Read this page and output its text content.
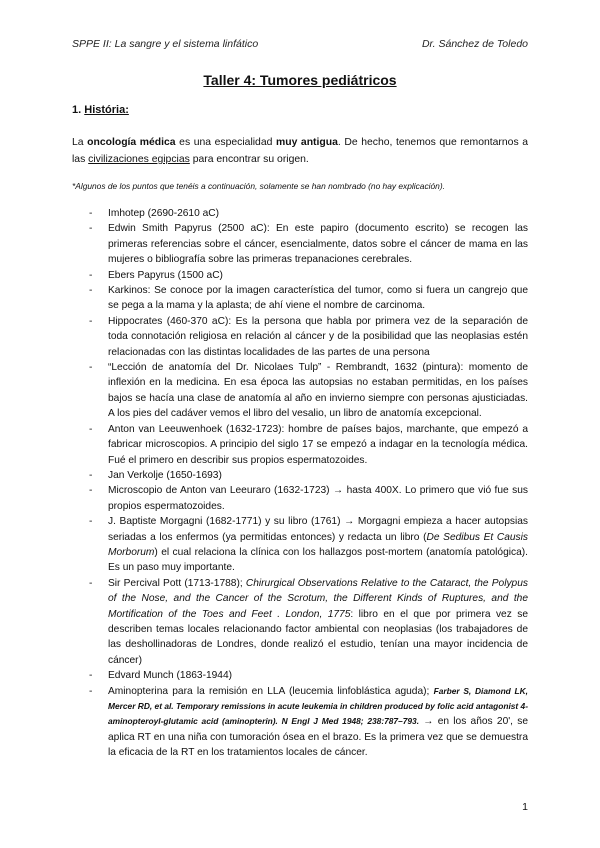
SPPE II: La sangre y el sistema linfático	Dr. Sánchez de Toledo
Taller 4: Tumores pediátricos
1. História:

La oncología médica es una especialidad muy antigua. De hecho, tenemos que remontarnos a las civilizaciones egipcias para encontrar su origen.

*Algunos de los puntos que tenéis a continuación, solamente se han nombrado (no hay explicación).
- Imhotep (2690-2610 aC)
- Edwin Smith Papyrus (2500 aC): En este papiro (documento escrito) se recogen las primeras referencias sobre el cáncer, esencialmente, datos sobre el cáncer de mama en las mujeres o bibliografía sobre las primeras trepanaciones cerebrales.
- Ebers Papyrus (1500 aC)
- Karkinos: Se conoce por la imagen característica del tumor, como si fuera un cangrejo que se pega a la mama y la aplasta; de ahí viene el nombre de carcinoma.
- Hippocrates (460-370 aC): Es la persona que habla por primera vez de la separación de toda connotación religiosa en relación al cáncer y de la posibilidad que las neoplasias estén relacionadas con las distintas localidades de las partes de una persona
- “Lección de anatomía del Dr. Nicolaes Tulp” - Rembrandt, 1632 (pintura): momento de inflexión en la medicina. En esa época las autopsias no estaban permitidas, en los países bajos se hacía una clase de anatomía al año en invierno siempre con personas ajusticiadas. A los pies del cadáver vemos el libro del vesalio, un libro de anatomía excepcional.
- Anton van Leeuwenhoek (1632-1723): hombre de países bajos, marchante, que empezó a fabricar microscopios. A principio del siglo 17 se empezó a indagar en la tecnología médica. Fué el primero en describir sus propios espermatozoides.
- Jan Verkolje (1650-1693)
- Microscopio de Anton van Leeuraro (1632-1723) → hasta 400X. Lo primero que vió fue sus propios espermatozoides.
- J. Baptiste Morgagni (1682-1771) y su libro (1761) → Morgagni empieza a hacer autopsias seriadas a los enfermos (ya permitidas entonces) y redacta un libro (De Sedibus Et Causis Morborum) el cual relaciona la clínica con los hallazgos post-mortem (anatomía patológica). Es un paso muy importante.
- Sir Percival Pott (1713-1788); Chirurgical Observations Relative to the Cataract, the Polypus of the Nose, and the Cancer of the Scrotum, the Different Kinds of Ruptures, and the Mortification of the Toes and Feet . London, 1775: libro en el que por primera vez se describen temas locales relacionando factor ambiental con neoplasias (los trabajadores de las deshollinadoras de Londres, donde realizó el estudio, tenían una mayor incidencia de cáncer)
- Edvard Munch (1863-1944)
- Aminopterina para la remisión en LLA (leucemia linfoblástica aguda); Farber S, Diamond LK, Mercer RD, et al. Temporary remissions in acute leukemia in children produced by folic acid antagonist 4-aminopteroyl-glutamic acid (aminopterin). N Engl J Med 1948; 238:787–793. → en los años 20', se aplica RT en una niña con tumoración ósea en el brazo. Es la primera vez que se demuestra la eficacia de la RT en los tratamientos locales de cáncer.
1
